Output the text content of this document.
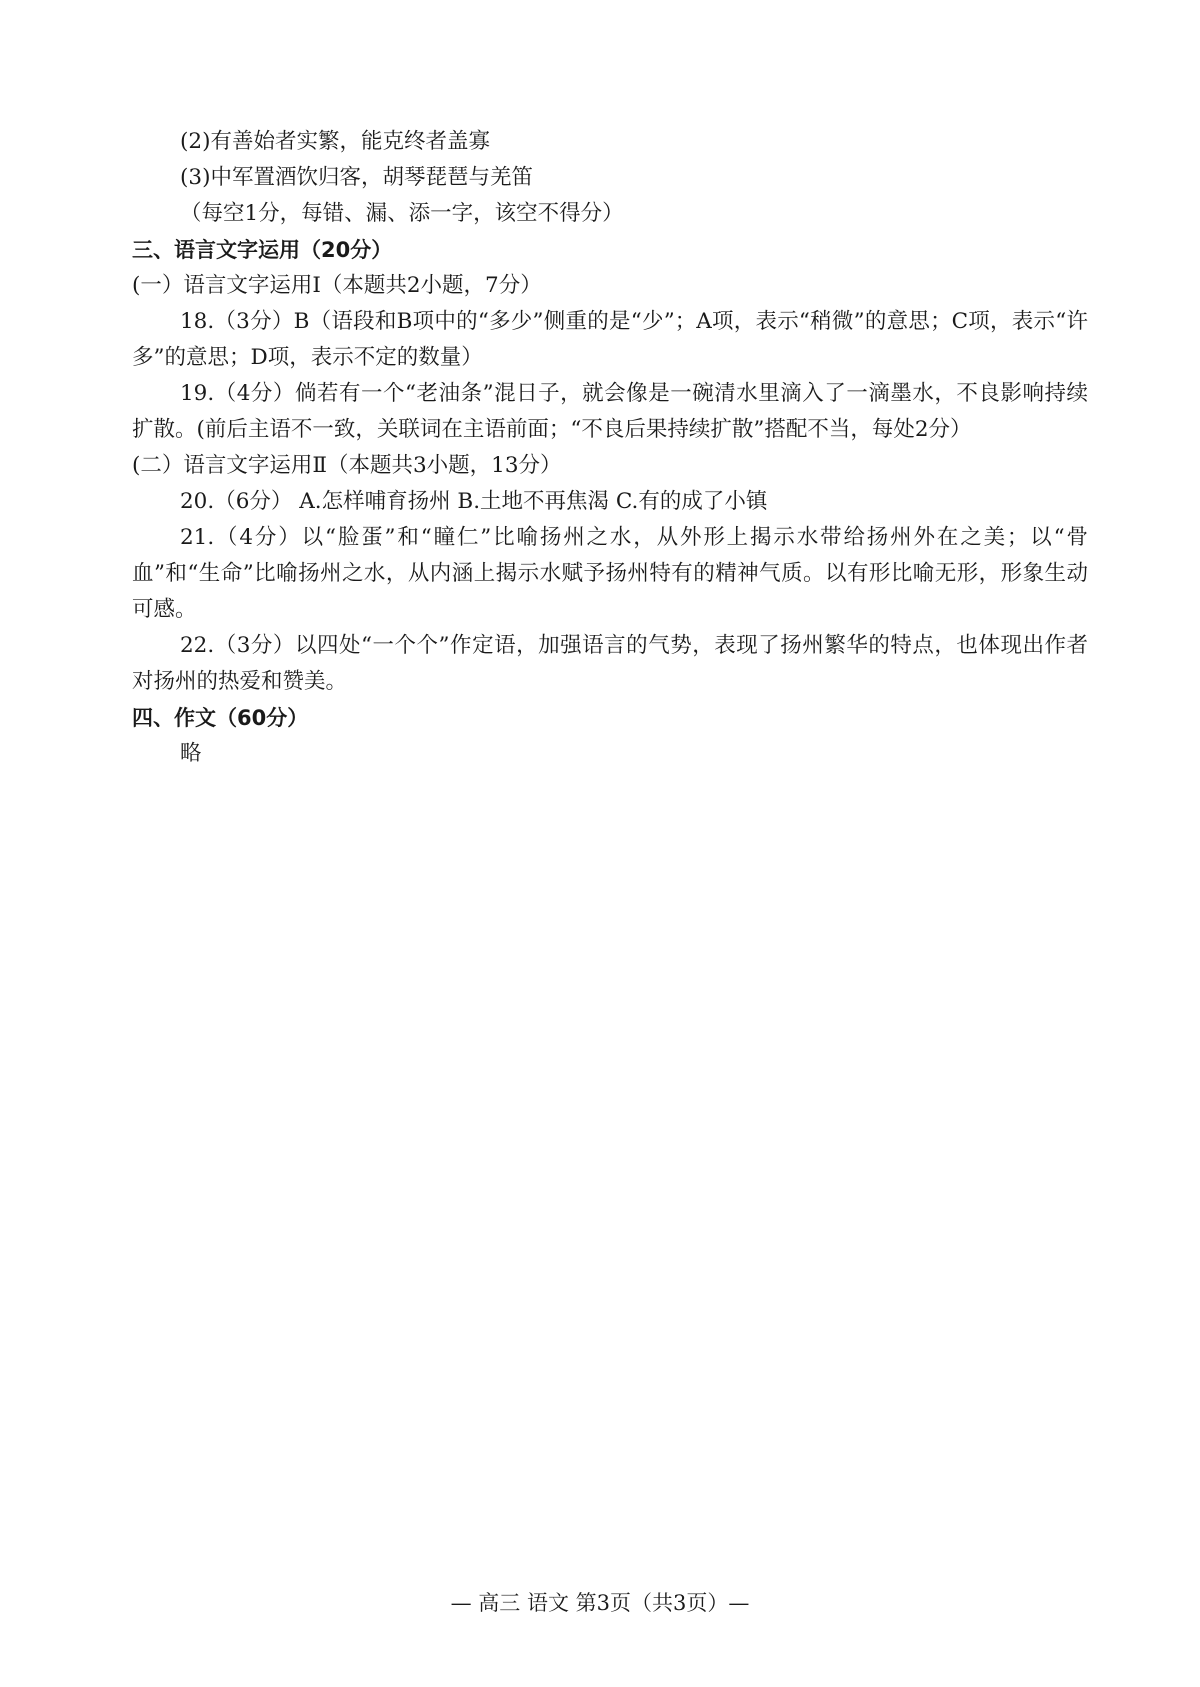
(2)有善始者实繁，能克终者盖寡

(3)中军置酒饮归客，胡琴琵琶与羌笛

（每空1分，每错、漏、添一字，该空不得分）

三、语言文字运用（20分）

(一）语言文字运用Ⅰ（本题共2小题，7分）

18.（3分）B（语段和B项中的“多少”侧重的是“少”；A项，表示“稍微”的意思；C项，表示“许多”的意思；D项，表示不定的数量）

19.（4分）倘若有一个“老油条”混日子，就会像是一碗清水里滴入了一滴墨水，不良影响持续扩散。(前后主语不一致，关联词在主语前面；“不良后果持续扩散”搭配不当，每处2分）

(二）语言文字运用Ⅱ（本题共3小题，13分）

20.（6分） A.怎样哺育扬州 B.土地不再焦渴 C.有的成了小镇

21.（4分）以“脸蛋”和“瞳仁”比喻扬州之水，从外形上揭示水带给扬州外在之美；以“骨血”和“生命”比喻扬州之水，从内涵上揭示水赋予扬州特有的精神气质。以有形比喻无形，形象生动可感。

22.（3分）以四处“一个个”作定语，加强语言的气势，表现了扬州繁华的特点，也体现出作者对扬州的热爱和赞美。

四、作文（60分）

略

— 高三 语文 第3页（共3页）—
